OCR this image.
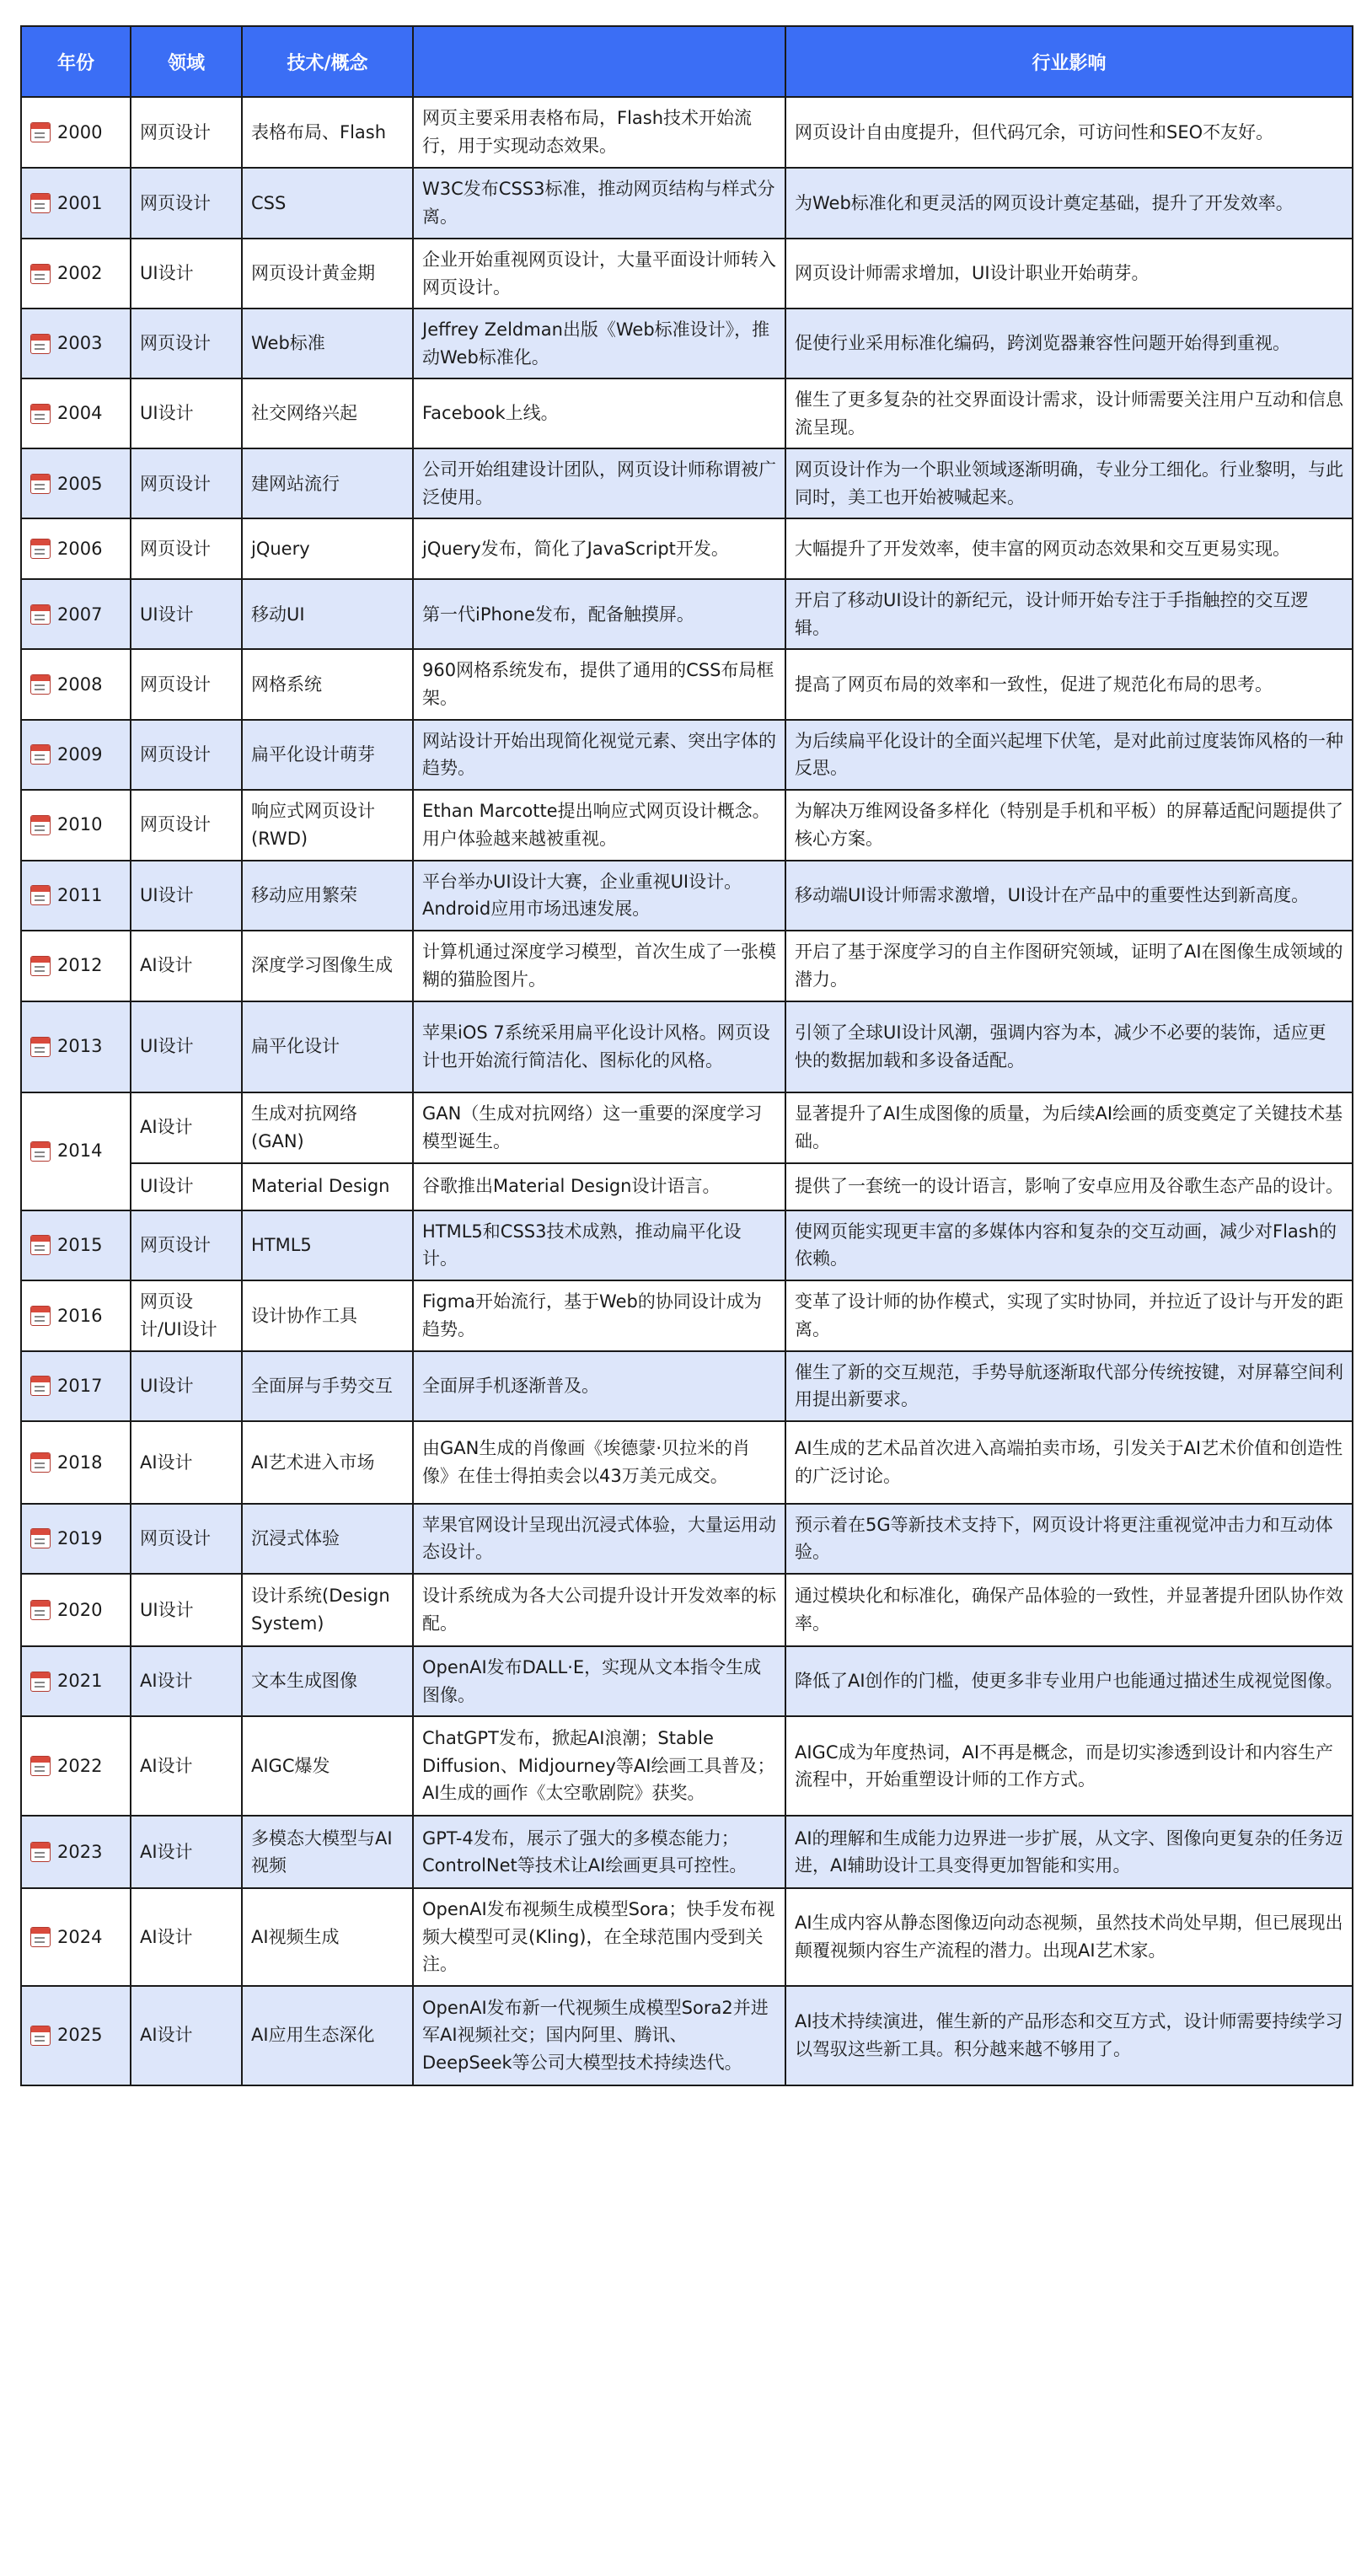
年份	领域	技术/概念		行业影响

2000	网页设计	表格布局、Flash	网页主要采用表格布局，Flash技术开始流行，用于实现动态效果。	网页设计自由度提升，但代码冗余，可访问性和SEO不友好。

2001	网页设计	CSS	W3C发布CSS3标准，推动网页结构与样式分离。	为Web标准化和更灵活的网页设计奠定基础，提升了开发效率。

2002	UI设计	网页设计黄金期	企业开始重视网页设计，大量平面设计师转入网页设计。	网页设计师需求增加，UI设计职业开始萌芽。

2003	网页设计	Web标准	Jeffrey Zeldman出版《Web标准设计》，推动Web标准化。	促使行业采用标准化编码，跨浏览器兼容性问题开始得到重视。

2004	UI设计	社交网络兴起	Facebook上线。	催生了更多复杂的社交界面设计需求，设计师需要关注用户互动和信息流呈现。

2005	网页设计	建网站流行	公司开始组建设计团队，网页设计师称谓被广泛使用。	网页设计作为一个职业领域逐渐明确，专业分工细化。行业黎明，与此同时，美工也开始被喊起来。

2006	网页设计	jQuery	jQuery发布，简化了JavaScript开发。	大幅提升了开发效率，使丰富的网页动态效果和交互更易实现。

2007	UI设计	移动UI	第一代iPhone发布，配备触摸屏。	开启了移动UI设计的新纪元，设计师开始专注于手指触控的交互逻辑。

2008	网页设计	网格系统	960网格系统发布，提供了通用的CSS布局框架。	提高了网页布局的效率和一致性，促进了规范化布局的思考。

2009	网页设计	扁平化设计萌芽	网站设计开始出现简化视觉元素、突出字体的趋势。	为后续扁平化设计的全面兴起埋下伏笔，是对此前过度装饰风格的一种反思。

2010	网页设计	响应式网页设计(RWD)	Ethan Marcotte提出响应式网页设计概念。用户体验越来越被重视。	为解决万维网设备多样化（特别是手机和平板）的屏幕适配问题提供了核心方案。

2011	UI设计	移动应用繁荣	平台举办UI设计大赛，企业重视UI设计。Android应用市场迅速发展。	移动端UI设计师需求激增，UI设计在产品中的重要性达到新高度。

2012	AI设计	深度学习图像生成	计算机通过深度学习模型，首次生成了一张模糊的猫脸图片。	开启了基于深度学习的自主作图研究领域，证明了AI在图像生成领域的潜力。

2013	UI设计	扁平化设计	苹果iOS 7系统采用扁平化设计风格。网页设计也开始流行简洁化、图标化的风格。	引领了全球UI设计风潮，强调内容为本，减少不必要的装饰，适应更快的数据加载和多设备适配。

2014	AI设计	生成对抗网络(GAN)	GAN（生成对抗网络）这一重要的深度学习模型诞生。	显著提升了AI生成图像的质量，为后续AI绘画的质变奠定了关键技术基础。
	UI设计	Material Design	谷歌推出Material Design设计语言。	提供了一套统一的设计语言，影响了安卓应用及谷歌生态产品的设计。

2015	网页设计	HTML5	HTML5和CSS3技术成熟，推动扁平化设计。	使网页能实现更丰富的多媒体内容和复杂的交互动画，减少对Flash的依赖。

2016	网页设计/UI设计	设计协作工具	Figma开始流行，基于Web的协同设计成为趋势。	变革了设计师的协作模式，实现了实时协同，并拉近了设计与开发的距离。

2017	UI设计	全面屏与手势交互	全面屏手机逐渐普及。	催生了新的交互规范，手势导航逐渐取代部分传统按键，对屏幕空间利用提出新要求。

2018	AI设计	AI艺术进入市场	由GAN生成的肖像画《埃德蒙·贝拉米的肖像》在佳士得拍卖会以43万美元成交。	AI生成的艺术品首次进入高端拍卖市场，引发关于AI艺术价值和创造性的广泛讨论。

2019	网页设计	沉浸式体验	苹果官网设计呈现出沉浸式体验，大量运用动态设计。	预示着在5G等新技术支持下，网页设计将更注重视觉冲击力和互动体验。

2020	UI设计	设计系统(Design System)	设计系统成为各大公司提升设计开发效率的标配。	通过模块化和标准化，确保产品体验的一致性，并显著提升团队协作效率。

2021	AI设计	文本生成图像	OpenAI发布DALL·E，实现从文本指令生成图像。	降低了AI创作的门槛，使更多非专业用户也能通过描述生成视觉图像。

2022	AI设计	AIGC爆发	ChatGPT发布，掀起AI浪潮；Stable Diffusion、Midjourney等AI绘画工具普及；AI生成的画作《太空歌剧院》获奖。	AIGC成为年度热词，AI不再是概念，而是切实渗透到设计和内容生产流程中，开始重塑设计师的工作方式。

2023	AI设计	多模态大模型与AI视频	GPT-4发布，展示了强大的多模态能力；ControlNet等技术让AI绘画更具可控性。	AI的理解和生成能力边界进一步扩展，从文字、图像向更复杂的任务迈进，AI辅助设计工具变得更加智能和实用。

2024	AI设计	AI视频生成	OpenAI发布视频生成模型Sora；快手发布视频大模型可灵(Kling)，在全球范围内受到关注。	AI生成内容从静态图像迈向动态视频，虽然技术尚处早期，但已展现出颠覆视频内容生产流程的潜力。出现AI艺术家。

2025	AI设计	AI应用生态深化	OpenAI发布新一代视频生成模型Sora2并进军AI视频社交；国内阿里、腾讯、DeepSeek等公司大模型技术持续迭代。	AI技术持续演进，催生新的产品形态和交互方式，设计师需要持续学习以驾驭这些新工具。积分越来越不够用了。
